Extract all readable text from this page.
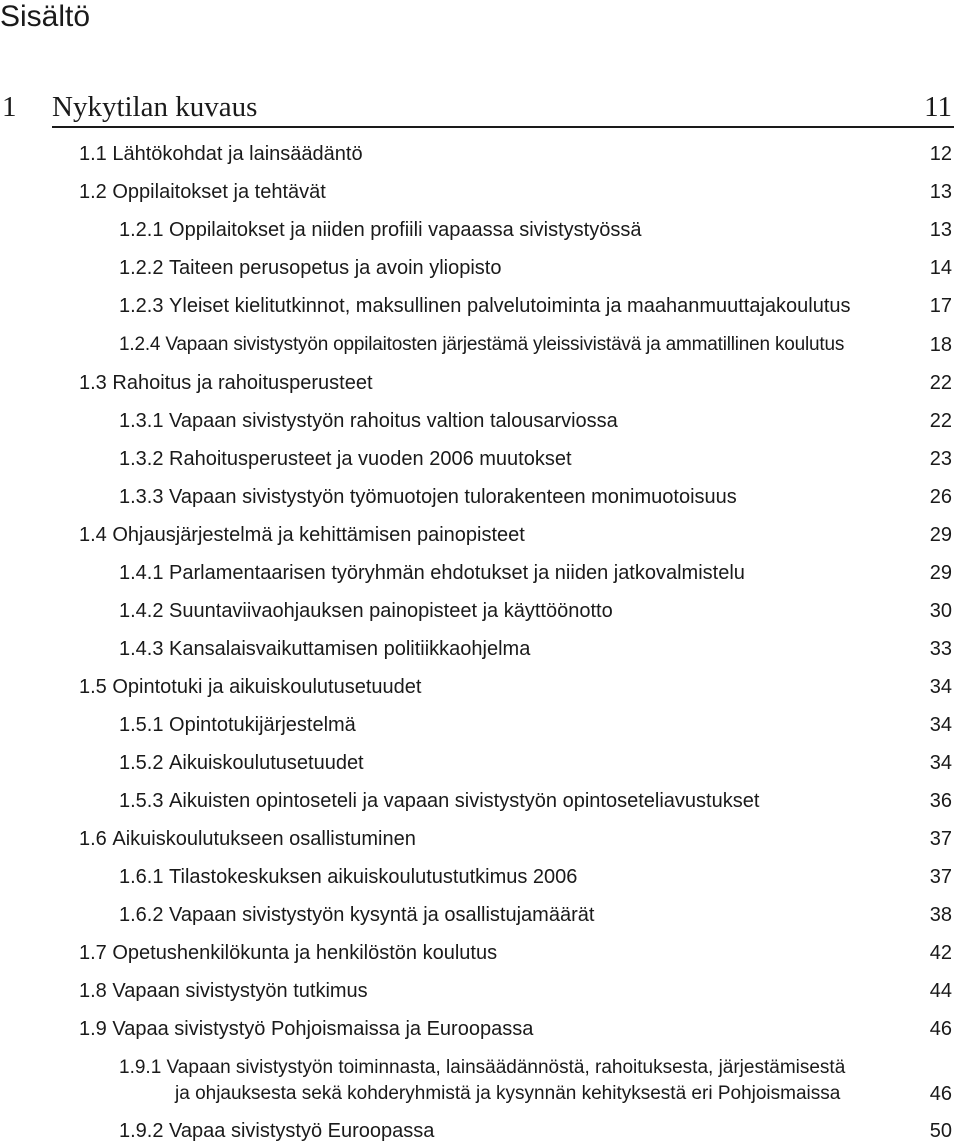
Sisältö
1 Nykytilan kuvaus	11
1.1 Lähtökohdat ja lainsäädäntö	12
1.2 Oppilaitokset ja tehtävät	13
1.2.1 Oppilaitokset ja niiden profiili vapaassa sivistystyössä	13
1.2.2 Taiteen perusopetus ja avoin yliopisto	14
1.2.3 Yleiset kielitutkinnot, maksullinen palvelutoiminta ja maahanmuuttajakoulutus	17
1.2.4 Vapaan sivistystyön oppilaitosten järjestämä yleissivistävä ja ammatillinen koulutus	18
1.3 Rahoitus ja rahoitusperusteet	22
1.3.1 Vapaan sivistystyön rahoitus valtion talousarviossa	22
1.3.2 Rahoitusperusteet ja vuoden 2006 muutokset	23
1.3.3 Vapaan sivistystyön työmuotojen tulorakenteen monimuotoisuus	26
1.4 Ohjausjärjestelmä ja kehittämisen painopisteet	29
1.4.1 Parlamentaarisen työryhmän ehdotukset ja niiden jatkovalmistelu	29
1.4.2 Suuntaviivaohjauksen painopisteet ja käyttöönotto	30
1.4.3 Kansalaisvaikuttamisen politiikkaohjelma	33
1.5 Opintotuki ja aikuiskoulutusetuudet	34
1.5.1 Opintotukijärjestelmä	34
1.5.2 Aikuiskoulutusetuudet	34
1.5.3 Aikuisten opintoseteli ja vapaan sivistystyön opintoseteliavustukset	36
1.6 Aikuiskoulutukseen osallistuminen	37
1.6.1 Tilastokeskuksen aikuiskoulutustutkimus 2006	37
1.6.2 Vapaan sivistystyön kysyntä ja osallistujamäärät	38
1.7 Opetushenkilökunta ja henkilöstön koulutus	42
1.8 Vapaan sivistystyön tutkimus	44
1.9 Vapaa sivistystyö Pohjoismaissa ja Euroopassa	46
1.9.1 Vapaan sivistystyön toiminnasta, lainsäädännöstä, rahoituksesta, järjestämisestä
ja ohjauksesta sekä kohderyhmistä ja kysynnän kehityksestä eri Pohjoismaissa	46
1.9.2 Vapaa sivistystyö Euroopassa	50
